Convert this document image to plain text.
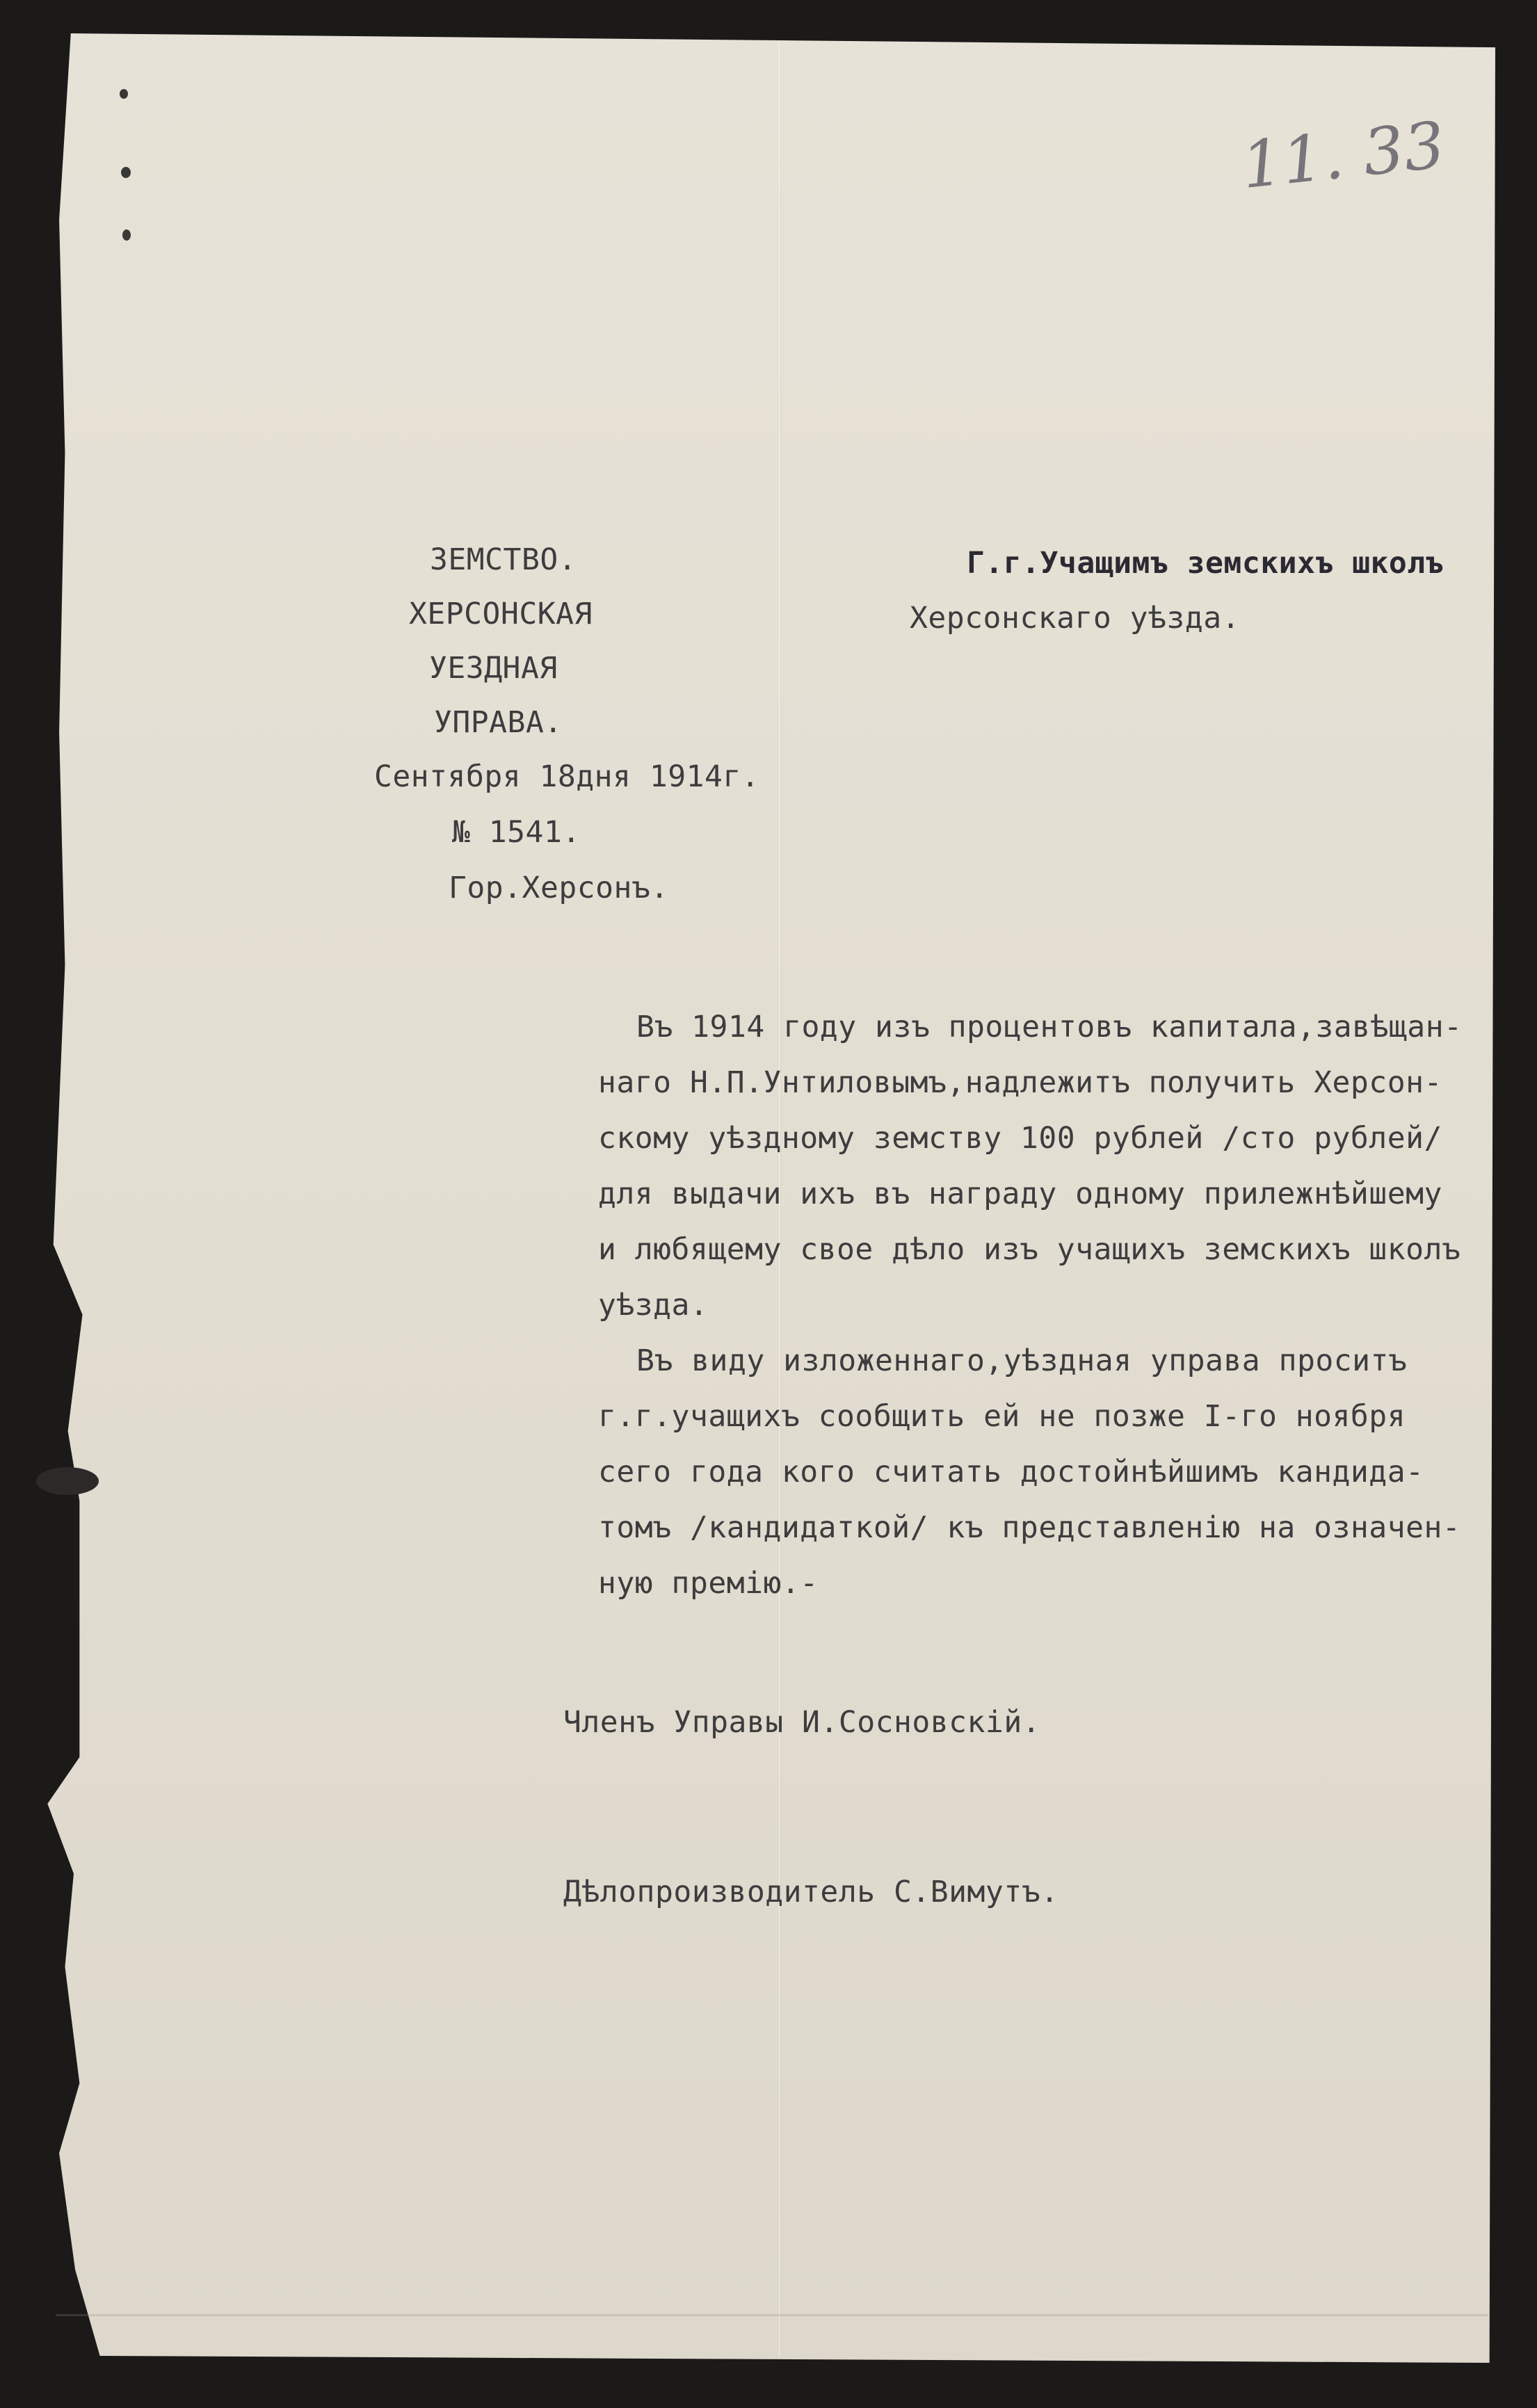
11. 33
ЗЕМСТВО.
ХЕРСОНСКАЯ
УЕЗДНАЯ
УПРАВА.
Сентября 18дня 1914г.
№ 1541.
Гор.Херсонъ.
Г.г.Учащимъ земскихъ школъ
Херсонскаго уѣзда.
Въ 1914 году изъ процентовъ капитала,завѣщан-
наго Н.П.Унтиловымъ,надлежитъ получить Херсон-
скому уѣздному земству 100 рублей /сто рублей/
для выдачи ихъ въ награду одному прилежнѣйшему
и любящему свое дѣло изъ учащихъ земскихъ школъ
уѣзда.
Въ виду изложеннаго,уѣздная управа проситъ
г.г.учащихъ сообщить ей не позже I-го ноября
сего года кого считать достойнѣйшимъ кандида-
томъ /кандидаткой/ къ представленію на означен-
ную премію.-
Членъ Управы И.Сосновскій.
Дѣлопроизводитель С.Вимутъ.
